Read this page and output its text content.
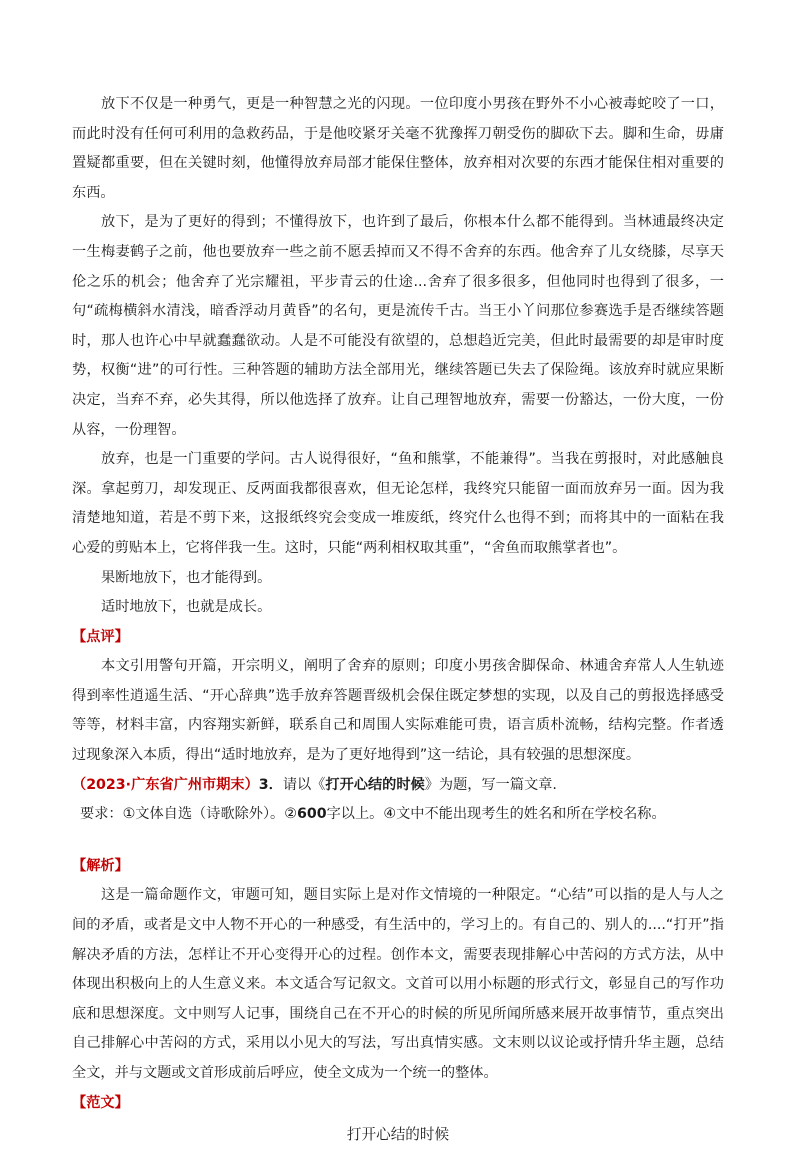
放下不仅是一种勇气，更是一种智慧之光的闪现。一位印度小男孩在野外不小心被毒蛇咬了一口，而此时没有任何可利用的急救药品，于是他咬紧牙关毫不犹豫挥刀朝受伤的脚砍下去。脚和生命，毋庸置疑都重要，但在关键时刻，他懂得放弃局部才能保住整体，放弃相对次要的东西才能保住相对重要的东西。

放下，是为了更好的得到；不懂得放下，也许到了最后，你根本什么都不能得到。当林逋最终决定一生梅妻鹤子之前，他也要放弃一些之前不愿丢掉而又不得不舍弃的东西。他舍弃了儿女绕膝，尽享天伦之乐的机会；他舍弃了光宗耀祖，平步青云的仕途...舍弃了很多很多，但他同时也得到了很多，一句“疏梅横斜水清浅，暗香浮动月黄昏”的名句，更是流传千古。当王小丫问那位参赛选手是否继续答题时，那人也许心中早就蠢蠢欲动。人是不可能没有欲望的，总想趋近完美，但此时最需要的却是审时度势，权衡“进”的可行性。三种答题的辅助方法全部用光，继续答题已失去了保险绳。该放弃时就应果断决定，当弃不弃，必失其得，所以他选择了放弃。让自己理智地放弃，需要一份豁达，一份大度，一份从容，一份理智。

放弃，也是一门重要的学问。古人说得很好，“鱼和熊掌，不能兼得”。当我在剪报时，对此感触良深。拿起剪刀，却发现正、反两面我都很喜欢，但无论怎样，我终究只能留一面而放弃另一面。因为我清楚地知道，若是不剪下来，这报纸终究会变成一堆废纸，终究什么也得不到；而将其中的一面粘在我心爱的剪贴本上，它将伴我一生。这时，只能“两利相权取其重”，“舍鱼而取熊掌者也”。

果断地放下，也才能得到。

适时地放下，也就是成长。

【点评】

本文引用警句开篇，开宗明义，阐明了舍弃的原则；印度小男孩舍脚保命、林逋舍弃常人人生轨迹得到率性逍遥生活、“开心辞典”选手放弃答题晋级机会保住既定梦想的实现，以及自己的剪报选择感受等等，材料丰富，内容翔实新鲜，联系自己和周围人实际难能可贵，语言质朴流畅，结构完整。作者透过现象深入本质，得出“适时地放弃，是为了更好地得到”这一结论，具有较强的思想深度。

（2023·广东省广州市期末）3．请以《打开心结的时候》为题，写一篇文章.

要求：①文体自选（诗歌除外）。②600字以上。④文中不能出现考生的姓名和所在学校名称。

【解析】

这是一篇命题作文，审题可知，题目实际上是对作文情境的一种限定。“心结”可以指的是人与人之间的矛盾，或者是文中人物不开心的一种感受，有生活中的，学习上的。有自己的、别人的....“打开”指解决矛盾的方法，怎样让不开心变得开心的过程。创作本文，需要表现排解心中苦闷的方式方法，从中体现出积极向上的人生意义来。本文适合写记叙文。文首可以用小标题的形式行文，彰显自己的写作功底和思想深度。文中则写人记事，围绕自己在不开心的时候的所见所闻所感来展开故事情节，重点突出自己排解心中苦闷的方式，采用以小见大的写法，写出真情实感。文末则以议论或抒情升华主题，总结全文，并与文题或文首形成前后呼应，使全文成为一个统一的整体。

【范文】

打开心结的时候
